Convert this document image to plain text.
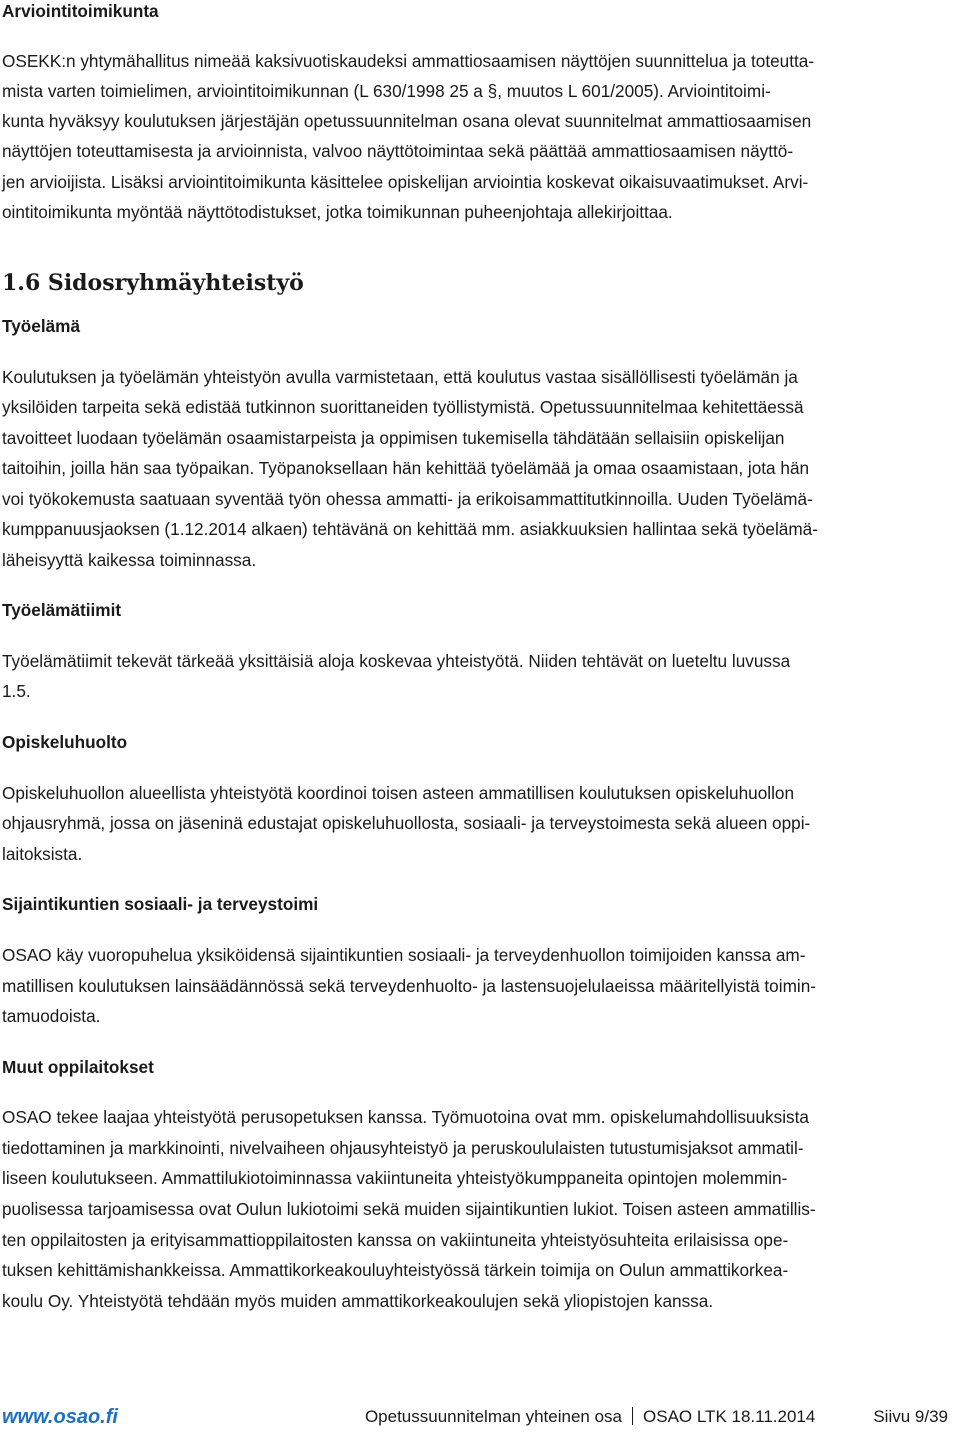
Arviointitoimikunta
OSEKK:n yhtymähallitus nimeää kaksivuotiskaudeksi ammattiosaamisen näyttöjen suunnittelua ja toteutta-
mista varten toimielimen, arviointitoimikunnan (L 630/1998 25 a §, muutos L 601/2005). Arviointitoimi-
kunta hyväksyy koulutuksen järjestäjän opetussuunnitelman osana olevat suunnitelmat ammattiosaamisen
näyttöjen toteuttamisesta ja arvioinnista, valvoo näyttötoimintaa sekä päättää ammattiosaamisen näyttö-
jen arvioijista. Lisäksi arviointitoimikunta käsittelee opiskelijan arviointia koskevat oikaisuvaatimukset. Arvi-
ointitoimikunta myöntää näyttötodistukset, jotka toimikunnan puheenjohtaja allekirjoittaa.
1.6 Sidosryhmäyhteistyö
Työelämä
Koulutuksen ja työelämän yhteistyön avulla varmistetaan, että koulutus vastaa sisällöllisesti työelämän ja
yksilöiden tarpeita sekä edistää tutkinnon suorittaneiden työllistymistä. Opetussuunnitelmaa kehitettäessä
tavoitteet luodaan työelämän osaamistarpeista ja oppimisen tukemisella tähdätään sellaisiin opiskelijan
taitoihin, joilla hän saa työpaikan. Työpanoksellaan hän kehittää työelämää ja omaa osaamistaan, jota hän
voi työkokemusta saatuaan syventää työn ohessa ammatti- ja erikoisammattitutkinnoilla. Uuden Työelämä-
kumppanuusjaoksen (1.12.2014 alkaen) tehtävänä on kehittää mm. asiakkuuksien hallintaa sekä työelämä-
läheisyyttä kaikessa toiminnassa.
Työelämätiimit
Työelämätiimit tekevät tärkeää yksittäisiä aloja koskevaa yhteistyötä. Niiden tehtävät on lueteltu luvussa
1.5.
Opiskeluhuolto
Opiskeluhuollon alueellista yhteistyötä koordinoi toisen asteen ammatillisen koulutuksen opiskeluhuollon
ohjausryhmä, jossa on jäseninä edustajat opiskeluhuollosta, sosiaali- ja terveystoimesta sekä alueen oppi-
laitoksista.
Sijaintikuntien sosiaali- ja terveystoimi
OSAO käy vuoropuhelua yksiköidensä sijaintikuntien sosiaali- ja terveydenhuollon toimijoiden kanssa am-
matillisen koulutuksen lainsäädännössä sekä terveydenhuolto- ja lastensuojelulaeissa määritellyistä toimin-
tamuodoista.
Muut oppilaitokset
OSAO tekee laajaa yhteistyötä perusopetuksen kanssa. Työmuotoina ovat mm. opiskelumahdollisuuksista
tiedottaminen ja markkinointi, nivelvaiheen ohjausyhteistyö ja peruskoululaisten tutustumisjaksot ammatil-
liseen koulutukseen. Ammattilukiotoiminnassa vakiintuneita yhteistyökumppaneita opintojen molemmin-
puolisessa tarjoamisessa ovat Oulun lukiotoimi sekä muiden sijaintikuntien lukiot. Toisen asteen ammatillis-
ten oppilaitosten ja erityisammattioppilaitosten kanssa on vakiintuneita yhteistyösuhteita erilaisissa ope-
tuksen kehittämishankkeissa. Ammattikorkeakouluyhteistyössä tärkein toimija on Oulun ammattikorkea-
koulu Oy. Yhteistyötä tehdään myös muiden ammattikorkeakoulujen sekä yliopistojen kanssa.
www.osao.fi	Opetussuunnitelman yhteinen osa OSAO LTK 18.11.2014	Siivu 9/39
